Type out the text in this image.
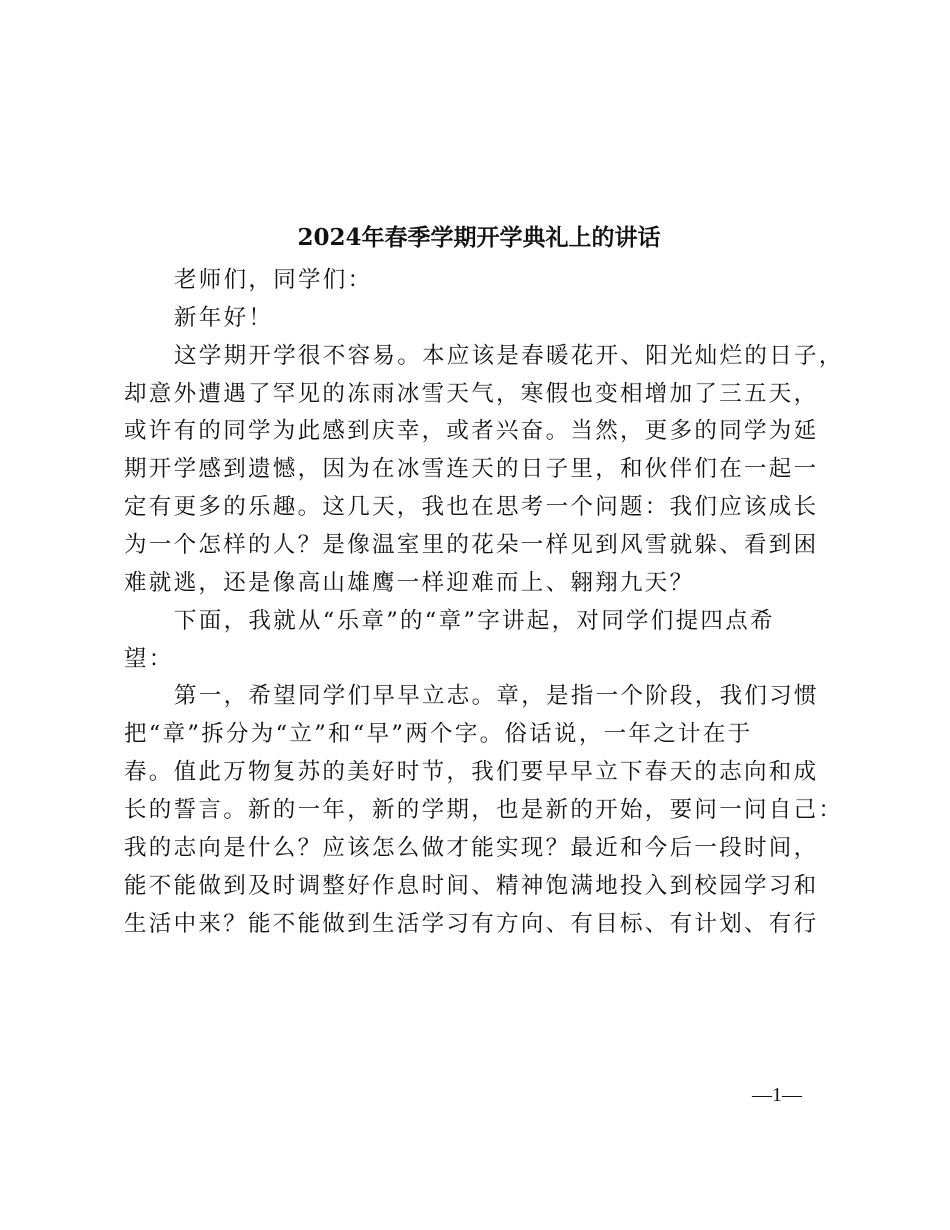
2024年春季学期开学典礼上的讲话
老师们，同学们：
新年好！
这学期开学很不容易。本应该是春暖花开、阳光灿烂的日子，
却意外遭遇了罕见的冻雨冰雪天气，寒假也变相增加了三五天，
或许有的同学为此感到庆幸，或者兴奋。当然，更多的同学为延
期开学感到遗憾，因为在冰雪连天的日子里，和伙伴们在一起一
定有更多的乐趣。这几天，我也在思考一个问题：我们应该成长
为一个怎样的人？是像温室里的花朵一样见到风雪就躲、看到困
难就逃，还是像高山雄鹰一样迎难而上、翱翔九天？
下面，我就从“乐章”的“章”字讲起，对同学们提四点希
望：
第一，希望同学们早早立志。章，是指一个阶段，我们习惯
把“章”拆分为“立”和“早”两个字。俗话说，一年之计在于
春。值此万物复苏的美好时节，我们要早早立下春天的志向和成
长的誓言。新的一年，新的学期，也是新的开始，要问一问自己：
我的志向是什么？应该怎么做才能实现？最近和今后一段时间，
能不能做到及时调整好作息时间、精神饱满地投入到校园学习和
生活中来？能不能做到生活学习有方向、有目标、有计划、有行
—1—
